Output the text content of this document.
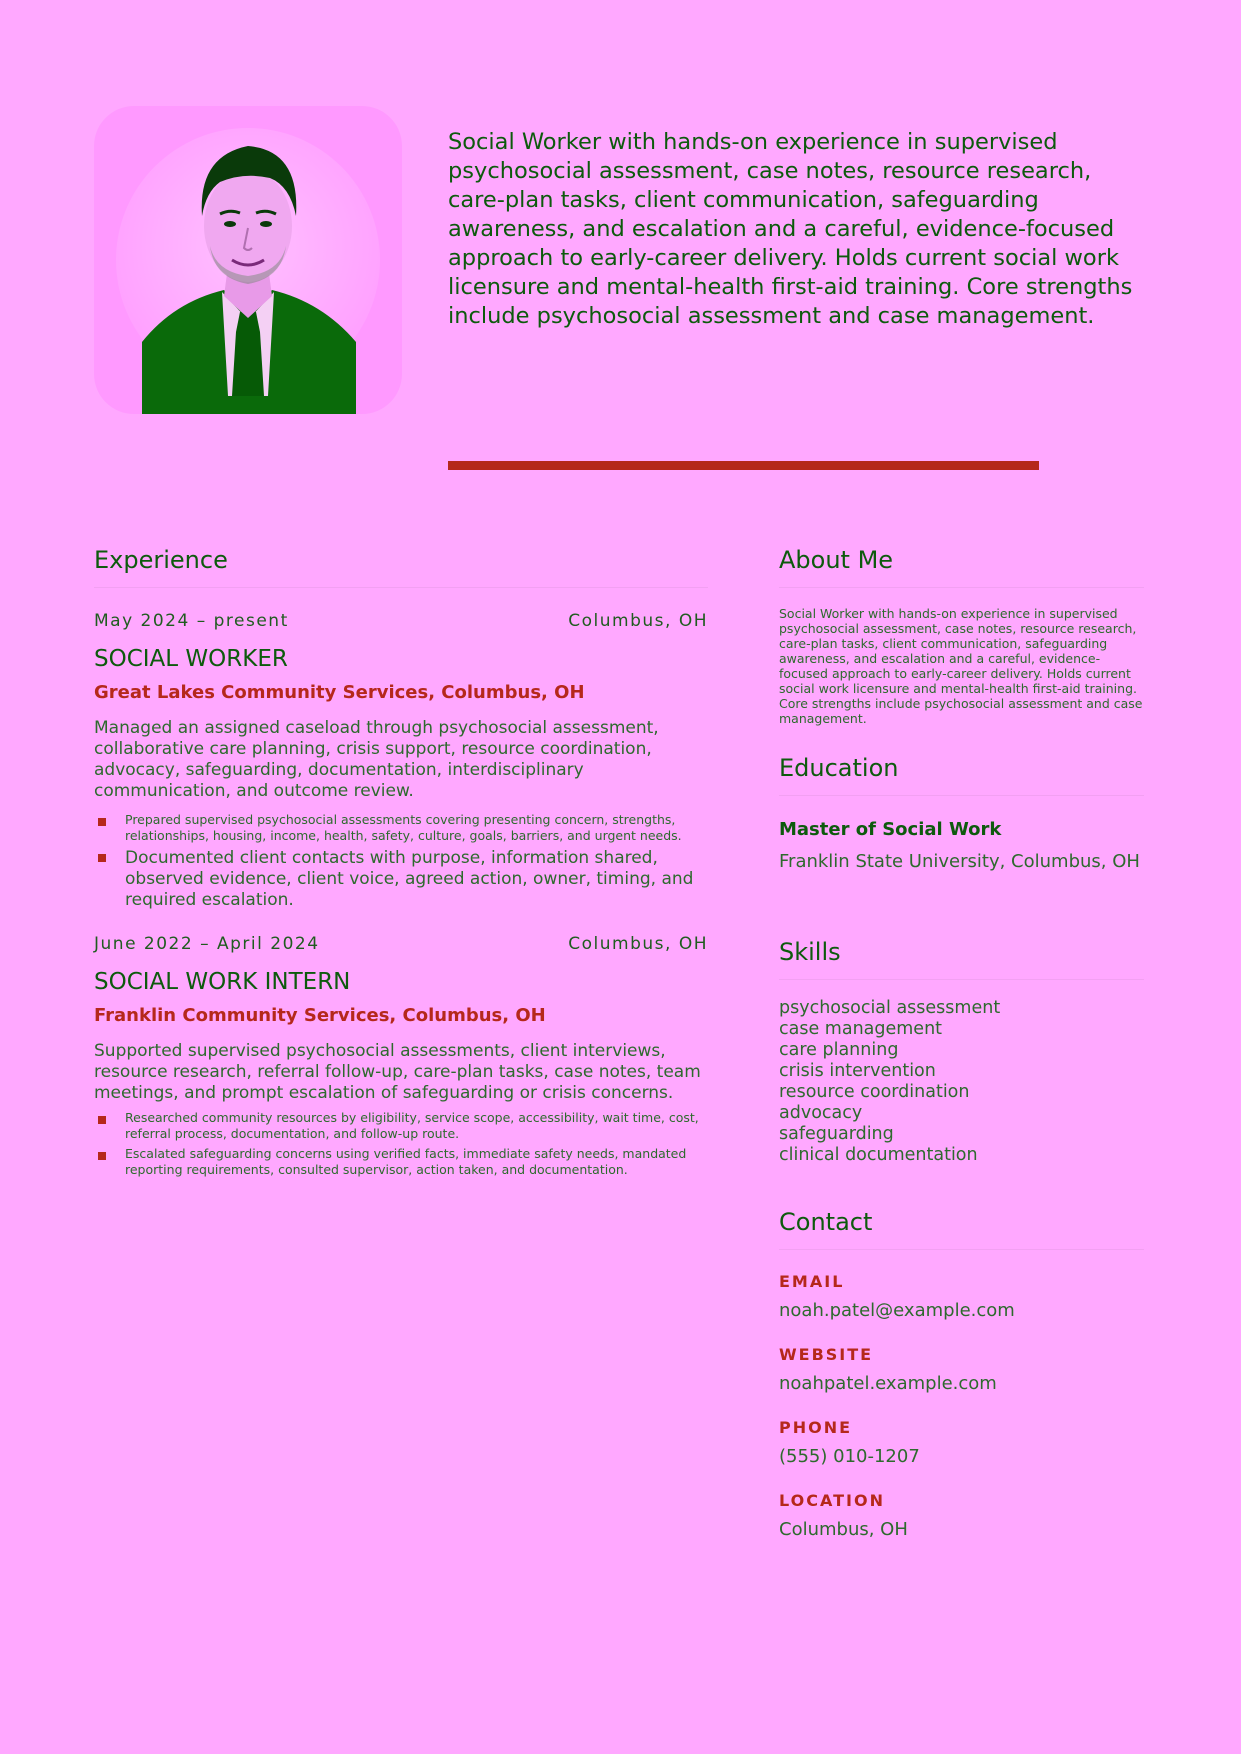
Social Worker with hands-on experience in supervised psychosocial assessment, case notes, resource research, care-plan tasks, client communication, safeguarding awareness, and escalation and a careful, evidence-focused approach to early-career delivery. Holds current social work licensure and mental-health first-aid training. Core strengths include psychosocial assessment and case management.

Experience
May 2024 – present	Columbus, OH
SOCIAL WORKER

Great Lakes Community Services, Columbus, OH

Managed an assigned caseload through psychosocial assessment, collaborative care planning, crisis support, resource coordination, advocacy, safeguarding, documentation, interdisciplinary communication, and outcome review.

Prepared supervised psychosocial assessments covering presenting concern, strengths, relationships, housing, income, health, safety, culture, goals, barriers, and urgent needs.
Documented client contacts with purpose, information shared, observed evidence, client voice, agreed action, owner, timing, and required escalation.
June 2022 – April 2024	Columbus, OH
SOCIAL WORK INTERN

Franklin Community Services, Columbus, OH

Supported supervised psychosocial assessments, client interviews, resource research, referral follow-up, care-plan tasks, case notes, team meetings, and prompt escalation of safeguarding or crisis concerns.

Researched community resources by eligibility, service scope, accessibility, wait time, cost, referral process, documentation, and follow-up route.
Escalated safeguarding concerns using verified facts, immediate safety needs, mandated reporting requirements, consulted supervisor, action taken, and documentation.
About Me

Social Worker with hands-on experience in supervised psychosocial assessment, case notes, resource research, care-plan tasks, client communication, safeguarding awareness, and escalation and a careful, evidence-focused approach to early-career delivery. Holds current social work licensure and mental-health first-aid training. Core strengths include psychosocial assessment and case management.

Education

Master of Social Work

Franklin State University, Columbus, OH

Skills
psychosocial assessment
case management
care planning
crisis intervention
resource coordination
advocacy
safeguarding
clinical documentation
Contact

EMAIL

noah.patel@example.com

WEBSITE

noahpatel.example.com

PHONE

(555) 010-1207

LOCATION

Columbus, OH
